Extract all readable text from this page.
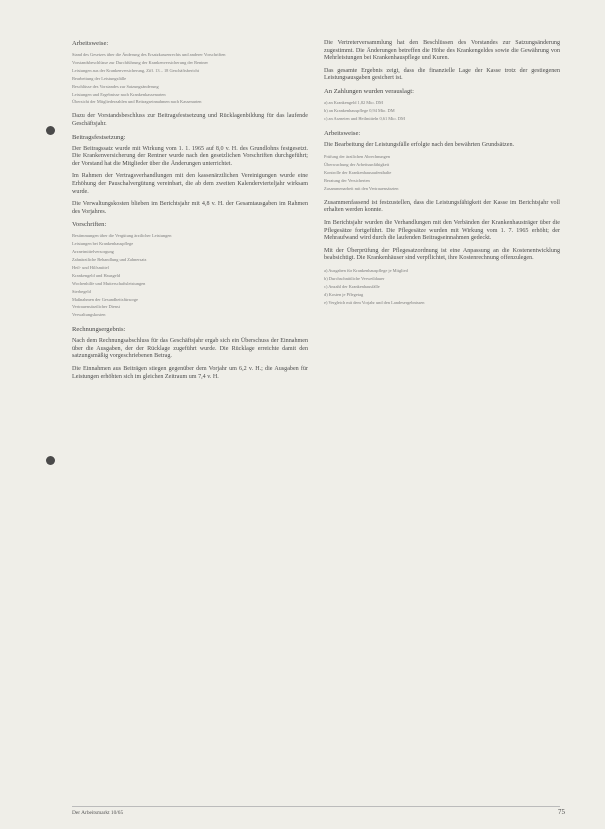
Arbeitsweise:
Stand des Gesetzes über die Änderung des Ersatzkassenrechts und anderer Vorschriften
Vorstandsbeschlüsse zur Durchführung der Krankenversicherung der Rentner
Leistungen aus der Krankenversicherung, Ziff. 13 – 18 Geschäftsbericht
Bearbeitung der Leistungsfälle
Beschlüsse des Vorstandes zur Satzungsänderung
Leistungen und Ergebnisse nach Krankenkassenarten
Übersicht der Mitgliederzahlen und Beitragseinnahmen nach Kassenarten
Dazu der Vorstandsbeschluss zur Beitragsfestsetzung und Rücklagenbildung für das laufende Geschäftsjahr.
Beitragsfestsetzung:
Der Beitragssatz wurde mit Wirkung vom 1. 1. 1965 auf 8,0 v. H. des Grundlohns festgesetzt. Die Krankenversicherung der Rentner wurde nach den gesetzlichen Vorschriften durchgeführt; der Vorstand hat die Mitglieder über die Änderungen unterrichtet.
Im Rahmen der Vertragsverhandlungen mit den kassenärztlichen Vereinigungen wurde eine Erhöhung der Pauschalvergütung vereinbart, die ab dem zweiten Kalendervierteljahr wirksam wurde.
Die Verwaltungskosten blieben im Berichtsjahr mit 4,8 v. H. der Gesamtausgaben im Rahmen des Vorjahres.
Vorschriften:
Bestimmungen über die Vergütung ärztlicher Leistungen
Leistungen bei Krankenhauspflege
Arzneimittelversorgung
Zahnärztliche Behandlung und Zahnersatz
Heil- und Hilfsmittel
Krankengeld und Hausgeld
Wochenhilfe und Mutterschaftsleistungen
Sterbegeld
Maßnahmen der Gesundheitsfürsorge
Vertrauensärztlicher Dienst
Verwaltungskosten
Rechnungsergebnis:
Nach dem Rechnungsabschluss für das Geschäftsjahr ergab sich ein Überschuss der Einnahmen über die Ausgaben, der der Rücklage zugeführt wurde. Die Rücklage erreichte damit den satzungsmäßig vorgeschriebenen Betrag.
Die Einnahmen aus Beiträgen stiegen gegenüber dem Vorjahr um 6,2 v. H.; die Ausgaben für Leistungen erhöhten sich im gleichen Zeitraum um 7,4 v. H.
Die Vertreterversammlung hat den Beschlüssen des Vorstandes zur Satzungsänderung zugestimmt. Die Änderungen betreffen die Höhe des Krankengeldes sowie die Gewährung von Mehrleistungen bei Krankenhauspflege und Kuren.
Das gesamte Ergebnis zeigt, dass die finanzielle Lage der Kasse trotz der gestiegenen Leistungsausgaben gesichert ist.
An Zahlungen wurden verauslagt:
a) an Krankengeld 1,82 Mio. DM
b) an Krankenhauspflege 0,94 Mio. DM
c) an Arzneien und Heilmitteln 0,61 Mio. DM
Arbeitsweise:
Die Bearbeitung der Leistungsfälle erfolgte nach den bewährten Grundsätzen.
Prüfung der ärztlichen Abrechnungen
Überwachung der Arbeitsunfähigkeit
Kontrolle der Krankenhausaufenthalte
Beratung der Versicherten
Zusammenarbeit mit den Vertrauensärzten
Zusammenfassend ist festzustellen, dass die Leistungsfähigkeit der Kasse im Berichtsjahr voll erhalten werden konnte.
Im Berichtsjahr wurden die Verhandlungen mit den Verbänden der Krankenhausträger über die Pflegesätze fortgeführt. Die Pflegesätze wurden mit Wirkung vom 1. 7. 1965 erhöht; der Mehraufwand wird durch die laufenden Beitragseinnahmen gedeckt.
Mit der Überprüfung der Pflegesatzordnung ist eine Anpassung an die Kostenentwicklung beabsichtigt. Die Krankenhäuser sind verpflichtet, ihre Kostenrechnung offenzulegen.
a) Ausgaben für Krankenhauspflege je Mitglied
b) Durchschnittliche Verweildauer
c) Anzahl der Krankenhausfälle
d) Kosten je Pflegetag
e) Vergleich mit dem Vorjahr und den Landesergebnissen
Der Arbeitsmarkt 10/65	75
